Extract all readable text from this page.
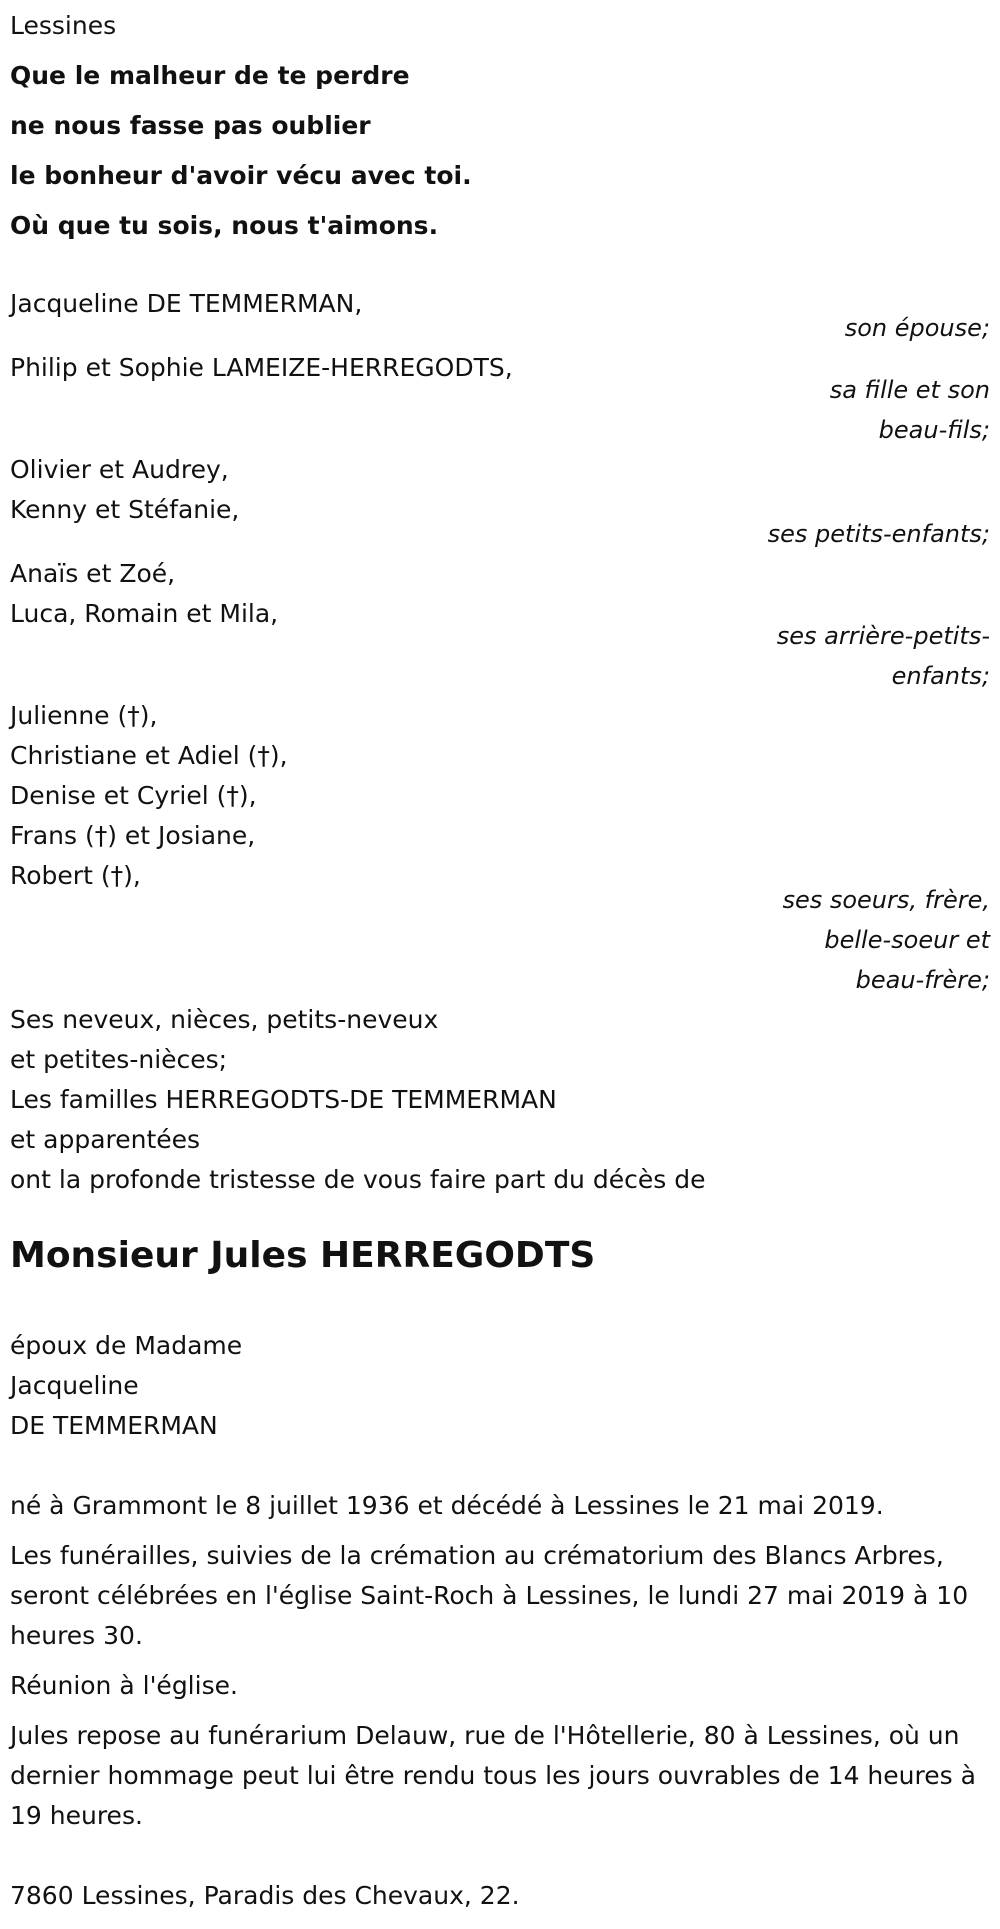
Lessines
Que le malheur de te perdre
ne nous fasse pas oublier
le bonheur d'avoir vécu avec toi.
Où que tu sois, nous t'aimons.
Jacqueline DE TEMMERMAN,
son épouse;
Philip et Sophie LAMEIZE-HERREGODTS,
sa fille et son
beau-fils;
Olivier et Audrey,
Kenny et Stéfanie,
ses petits-enfants;
Anaïs et Zoé,
Luca, Romain et Mila,
ses arrière-petits-
enfants;
Julienne (†),
Christiane et Adiel (†),
Denise et Cyriel (†),
Frans (†) et Josiane,
Robert (†),
ses soeurs, frère,
belle-soeur et
beau-frère;
Ses neveux, nièces, petits-neveux
et petites-nièces;
Les familles HERREGODTS-DE TEMMERMAN
et apparentées
ont la profonde tristesse de vous faire part du décès de
Monsieur Jules HERREGODTS
époux de Madame
Jacqueline
DE TEMMERMAN
né à Grammont le 8 juillet 1936 et décédé à Lessines le 21 mai 2019.
Les funérailles, suivies de la crémation au crématorium des Blancs Arbres, seront célébrées en l'église Saint-Roch à Lessines, le lundi 27 mai 2019 à 10 heures 30.
Réunion à l'église.
Jules repose au funérarium Delauw, rue de l'Hôtellerie, 80 à Lessines, où un dernier hommage peut lui être rendu tous les jours ouvrables de 14 heures à 19 heures.
7860 Lessines, Paradis des Chevaux, 22.
